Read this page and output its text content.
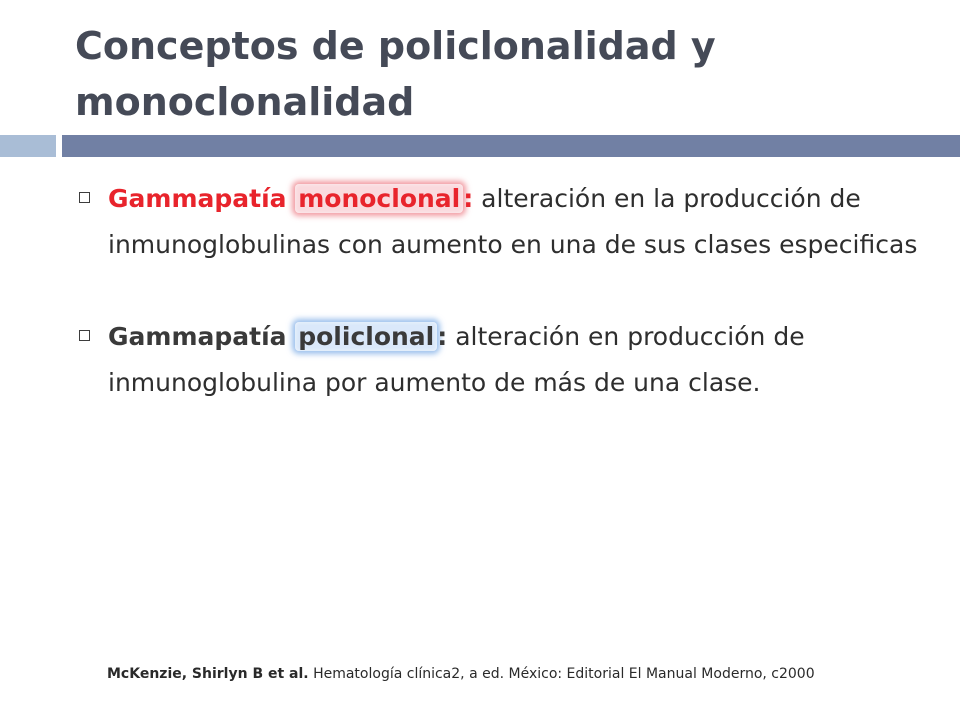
Conceptos de policlonalidad y monoclonalidad
Gammapatía monoclonal : alteración en la producción de inmunoglobulinas con aumento en una de sus clases especificas
Gammapatía policlonal : alteración en producción de inmunoglobulina por aumento de más de una clase.

McKenzie, Shirlyn B et al. Hematología clínica2, a ed. México: Editorial El Manual Moderno, c2000
